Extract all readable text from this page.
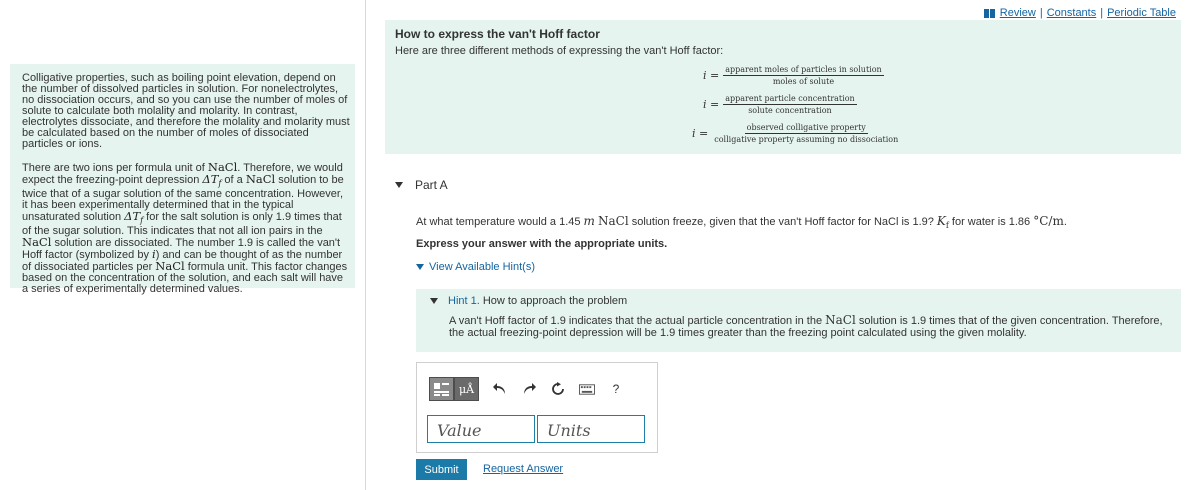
Review | Constants | Periodic Table

Colligative properties, such as boiling point elevation, depend on the number of dissolved particles in solution. For nonelectrolytes, no dissociation occurs, and so you can use the number of moles of solute to calculate both molality and molarity. In contrast, electrolytes dissociate, and therefore the molality and molarity must be calculated based on the number of moles of dissociated particles or ions.

There are two ions per formula unit of NaCl. Therefore, we would expect the freezing-point depression $\Delta T_f$ of a NaCl solution to be twice that of a sugar solution of the same concentration. However, it has been experimentally determined that in the typical unsaturated solution $\Delta T_f$ for the salt solution is only 1.9 times that of the sugar solution. This indicates that not all ion pairs in the NaCl solution are dissociated. The number 1.9 is called the van't Hoff factor (symbolized by i) and can be thought of as the number of dissociated particles per NaCl formula unit. This factor changes based on the concentration of the solution, and each salt will have a series of experimentally determined values.

How to express the van't Hoff factor
Here are three different methods of expressing the van't Hoff factor:
$i = \frac{\text{apparent moles of particles in solution}}{\text{moles of solute}}$
$i = \frac{\text{apparent particle concentration}}{\text{solute concentration}}$
$i = \frac{\text{observed colligative property}}{\text{colligative property assuming no dissociation}}$
Part A
At what temperature would a 1.45 m NaCl solution freeze, given that the van't Hoff factor for NaCl is 1.9? $K_f$ for water is 1.86 °C/m.
Express your answer with the appropriate units.
View Available Hint(s)
Hint 1. How to approach the problem
A van't Hoff factor of 1.9 indicates that the actual particle concentration in the NaCl solution is 1.9 times that of the given concentration. Therefore, the actual freezing-point depression will be 1.9 times greater than the freezing point calculated using the given molality.
μÅ	?
Value	Units
Submit	Request Answer
